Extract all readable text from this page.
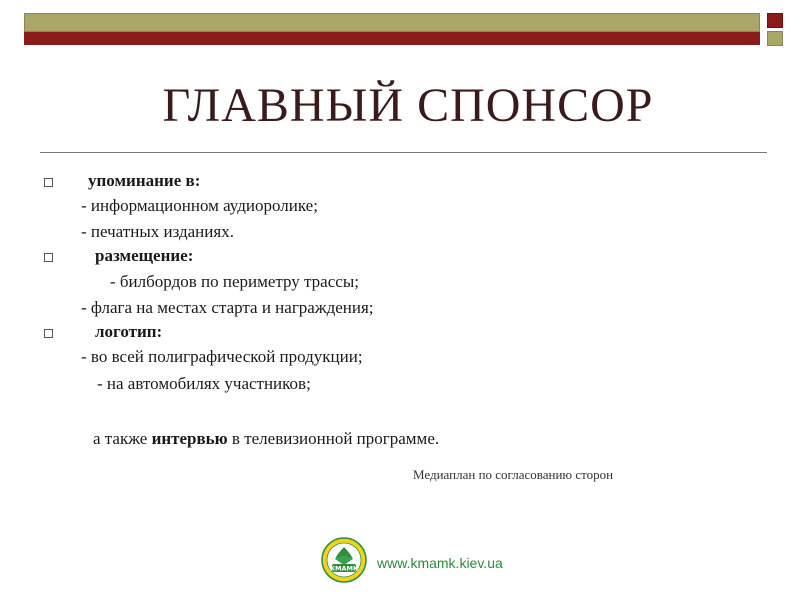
ГЛАВНЫЙ СПОНСОР
упоминание в:
- информационном аудиоролике;
- печатных изданиях.
размещение:
- билбордов по периметру трассы;
- флага на местах старта и награждения;
логотип:
- во всей полиграфической продукции;
- на автомобилях участников;
а также интервью в телевизионной программе.
Медиаплан по согласованию сторон
КМАМК www.kmamk.kiev.ua
